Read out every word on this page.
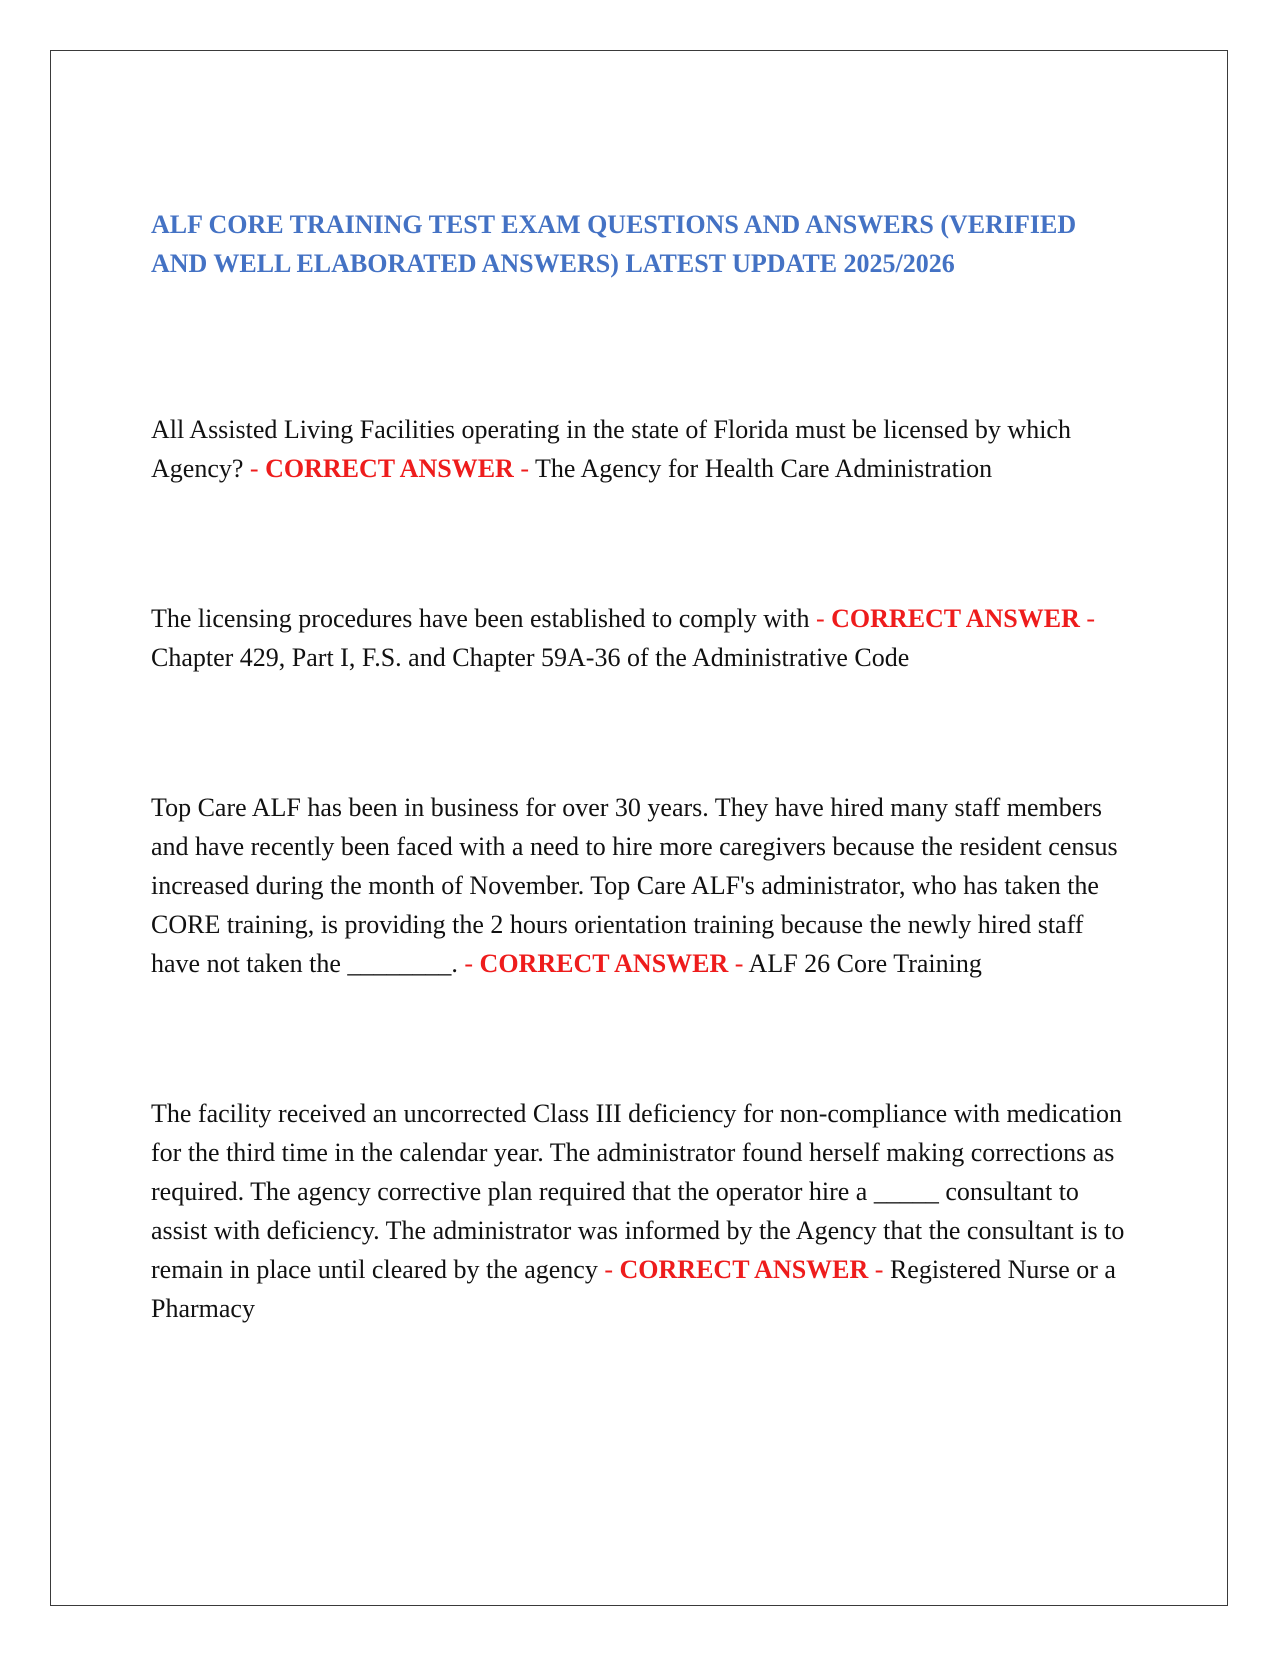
ALF CORE TRAINING TEST EXAM QUESTIONS AND ANSWERS (VERIFIED AND WELL ELABORATED ANSWERS) LATEST UPDATE 2025/2026

All Assisted Living Facilities operating in the state of Florida must be licensed by which Agency? - CORRECT ANSWER - The Agency for Health Care Administration

The licensing procedures have been established to comply with - CORRECT ANSWER - Chapter 429, Part I, F.S. and Chapter 59A-36 of the Administrative Code

Top Care ALF has been in business for over 30 years. They have hired many staff members and have recently been faced with a need to hire more caregivers because the resident census increased during the month of November. Top Care ALF's administrator, who has taken the CORE training, is providing the 2 hours orientation training because the newly hired staff have not taken the ________. - CORRECT ANSWER - ALF 26 Core Training

The facility received an uncorrected Class III deficiency for non-compliance with medication for the third time in the calendar year. The administrator found herself making corrections as required. The agency corrective plan required that the operator hire a _____ consultant to assist with deficiency. The administrator was informed by the Agency that the consultant is to remain in place until cleared by the agency - CORRECT ANSWER - Registered Nurse or a Pharmacy
